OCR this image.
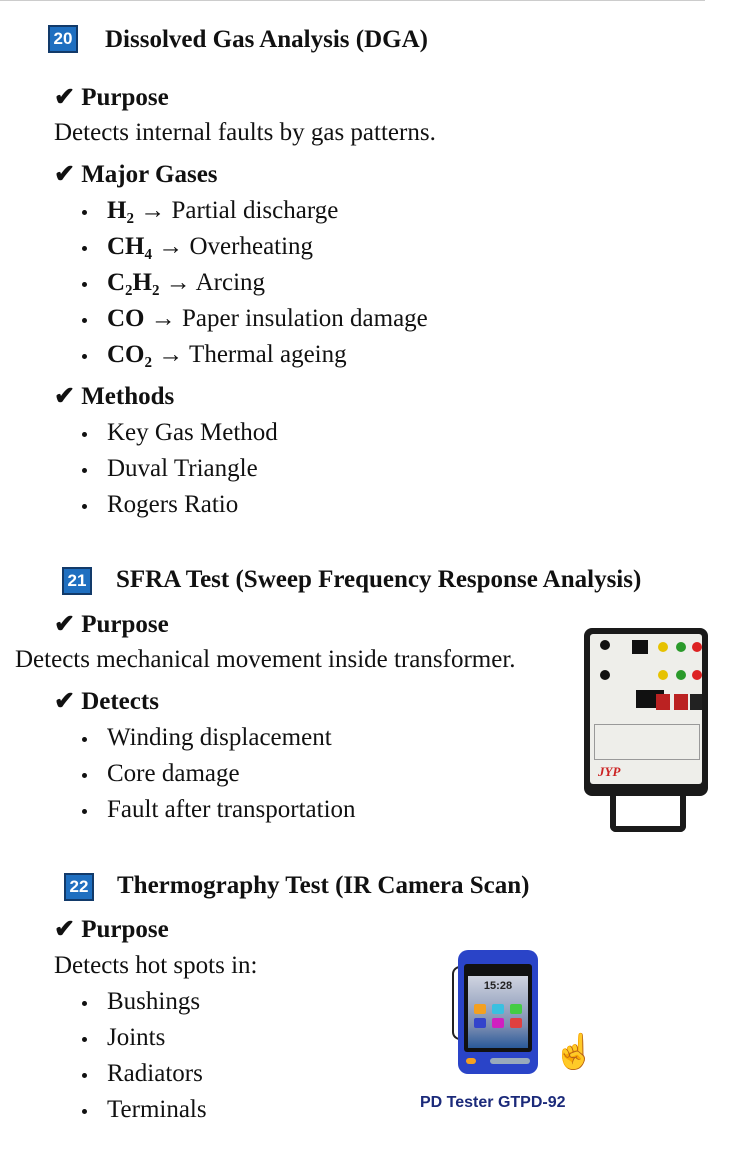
20 Dissolved Gas Analysis (DGA)
✔ Purpose
Detects internal faults by gas patterns.
✔ Major Gases
H₂ → Partial discharge
CH₄ → Overheating
C₂H₂ → Arcing
CO → Paper insulation damage
CO₂ → Thermal ageing
✔ Methods
Key Gas Method
Duval Triangle
Rogers Ratio
21 SFRA Test (Sweep Frequency Response Analysis)
✔ Purpose
Detects mechanical movement inside transformer.
✔ Detects
Winding displacement
Core damage
Fault after transportation
JYP
22 Thermography Test (IR Camera Scan)
✔ Purpose
Detects hot spots in:
Bushings
Joints
Radiators
Terminals
15:28
☝
PD Tester GTPD-92
